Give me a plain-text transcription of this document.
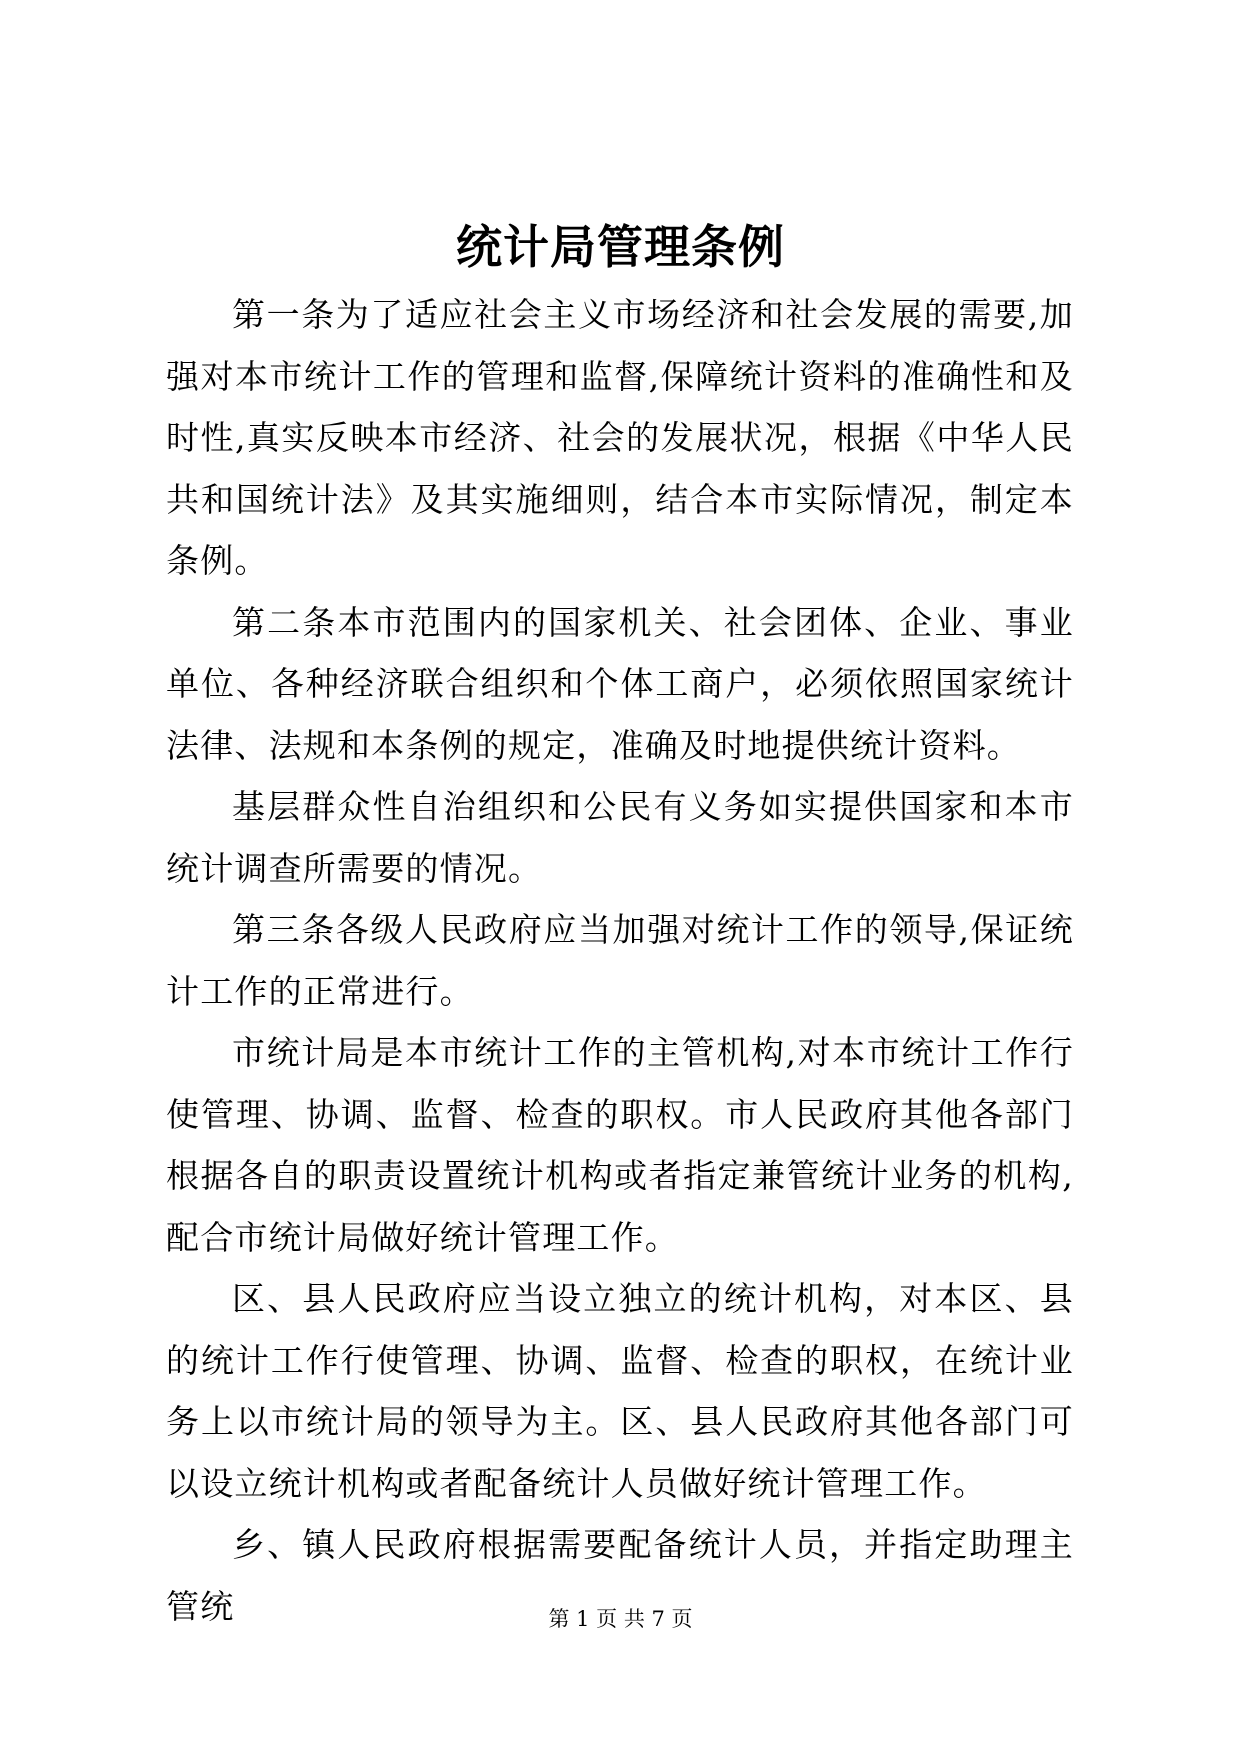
统计局管理条例

第一条为了适应社会主义市场经济和社会发展的需要,加强对本市统计工作的管理和监督,保障统计资料的准确性和及时性,真实反映本市经济、社会的发展状况，根据《中华人民共和国统计法》及其实施细则，结合本市实际情况，制定本条例。

第二条本市范围内的国家机关、社会团体、企业、事业单位、各种经济联合组织和个体工商户，必须依照国家统计法律、法规和本条例的规定，准确及时地提供统计资料。

基层群众性自治组织和公民有义务如实提供国家和本市统计调查所需要的情况。

第三条各级人民政府应当加强对统计工作的领导,保证统计工作的正常进行。

市统计局是本市统计工作的主管机构,对本市统计工作行使管理、协调、监督、检查的职权。市人民政府其他各部门根据各自的职责设置统计机构或者指定兼管统计业务的机构,配合市统计局做好统计管理工作。

区、县人民政府应当设立独立的统计机构，对本区、县的统计工作行使管理、协调、监督、检查的职权，在统计业务上以市统计局的领导为主。区、县人民政府其他各部门可以设立统计机构或者配备统计人员做好统计管理工作。

乡、镇人民政府根据需要配备统计人员，并指定助理主管统	第 1 页 共 7 页
